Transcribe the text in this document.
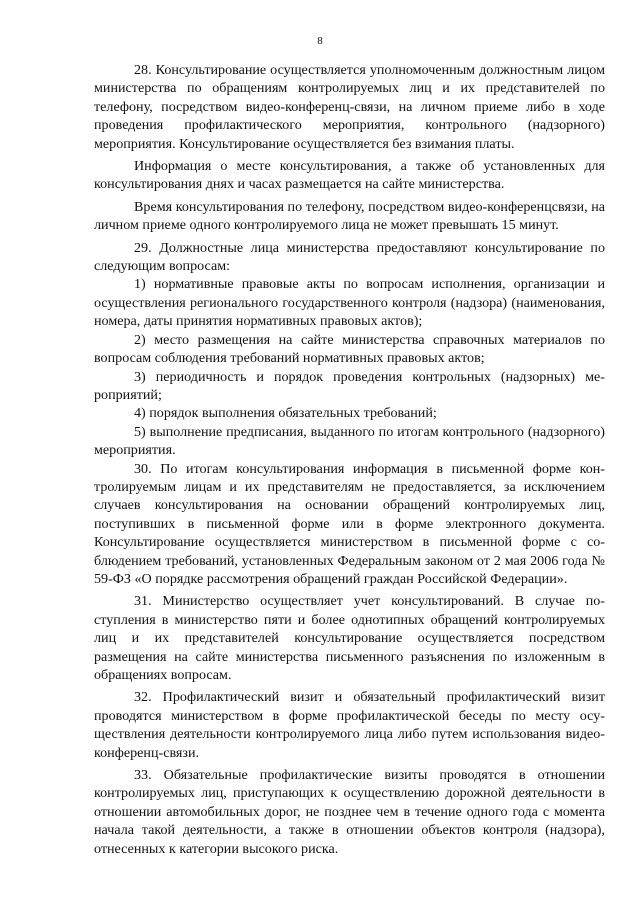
8

28. Консультирование осуществляется уполномоченным должностным лицом министерства по обращениям контролируемых лиц и их представителей по телефону, посредством видео-конференц-связи, на личном приеме либо в ходе проведения профилактического мероприятия, контрольного (надзорного) мероприятия. Консультирование осуществляется без взимания платы.

Информация о месте консультирования, а также об установленных для консультирования днях и часах размещается на сайте министерства.

Время консультирования по телефону, посредством видео-конференцсвязи, на личном приеме одного контролируемого лица не может превышать 15 минут.

29. Должностные лица министерства предоставляют консультирование по следующим вопросам:

1) нормативные правовые акты по вопросам исполнения, организации и осуществления регионального государственного контроля (надзора) (наименования, номера, даты принятия нормативных правовых актов);

2) место размещения на сайте министерства справочных материалов по вопросам соблюдения требований нормативных правовых актов;

3) периодичность и порядок проведения контрольных (надзорных) мероприятий;

4) порядок выполнения обязательных требований;

5) выполнение предписания, выданного по итогам контрольного (надзорного) мероприятия.

30. По итогам консультирования информация в письменной форме контролируемым лицам и их представителям не предоставляется, за исключением случаев консультирования на основании обращений контролируемых лиц, поступивших в письменной форме или в форме электронного документа. Консультирование осуществляется министерством в письменной форме с соблюдением требований, установленных Федеральным законом от 2 мая 2006 года № 59-ФЗ «О порядке рассмотрения обращений граждан Российской Федерации».

31. Министерство осуществляет учет консультирований. В случае поступления в министерство пяти и более однотипных обращений контролируемых лиц и их представителей консультирование осуществляется посредством размещения на сайте министерства письменного разъяснения по изложенным в обращениях вопросам.

32. Профилактический визит и обязательный профилактический визит проводятся министерством в форме профилактической беседы по месту осуществления деятельности контролируемого лица либо путем использования видео-конференц-связи.

33. Обязательные профилактические визиты проводятся в отношении контролируемых лиц, приступающих к осуществлению дорожной деятельности в отношении автомобильных дорог, не позднее чем в течение одного года с момента начала такой деятельности, а также в отношении объектов контроля (надзора), отнесенных к категории высокого риска.
